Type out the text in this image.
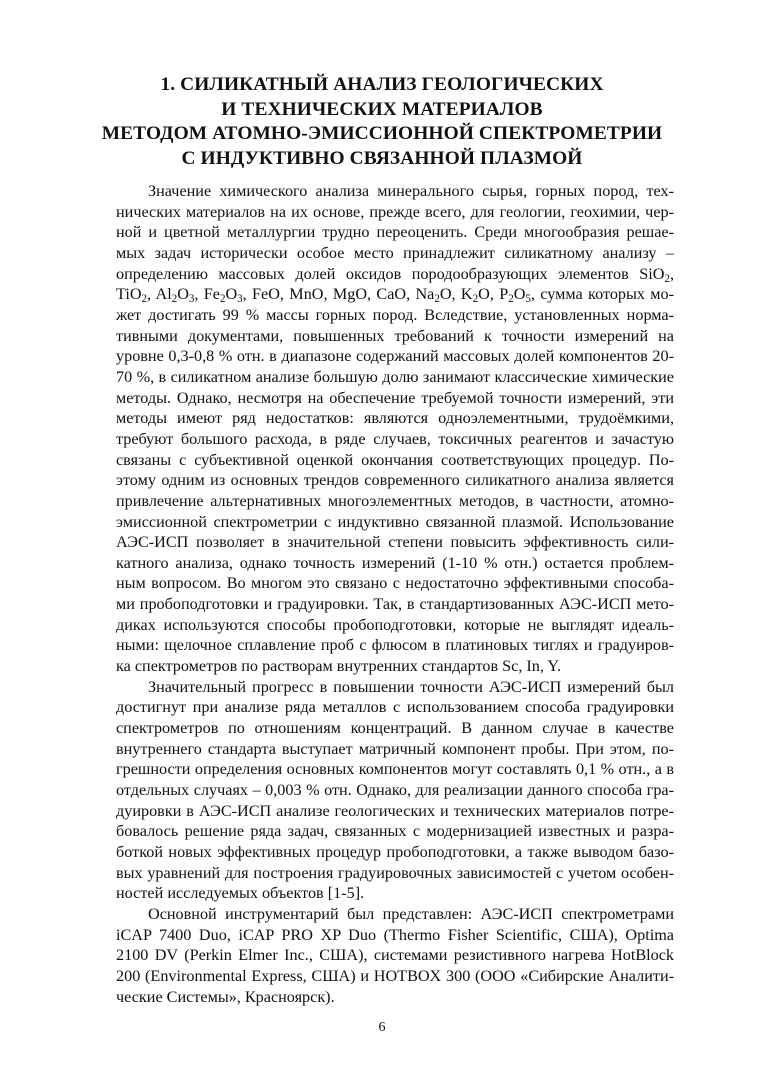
1. СИЛИКАТНЫЙ АНАЛИЗ ГЕОЛОГИЧЕСКИХ
И ТЕХНИЧЕСКИХ МАТЕРИАЛОВ
МЕТОДОМ АТОМНО-ЭМИССИОННОЙ СПЕКТРОМЕТРИИ
С ИНДУКТИВНО СВЯЗАННОЙ ПЛАЗМОЙ

Значение химического анализа минерального сырья, горных пород, тех-
нических материалов на их основе, прежде всего, для геологии, геохимии, чер-
ной и цветной металлургии трудно переоценить. Среди многообразия решае-
мых задач исторически особое место принадлежит силикатному анализу –
определению массовых долей оксидов породообразующих элементов SiO$_2$,
TiO$_2$, $Al_2O_3$, $Fe_2O_3$, FeO, MnO, MgO, CaO, $Na_2O$, $K_2O$, $P_2O_5$, сумма которых мо-
жет достигать 99 % массы горных пород. Вследствие, установленных норма-
тивными документами, повышенных требований к точности измерений на
уровне 0,3-0,8 % отн. в диапазоне содержаний массовых долей компонентов 20-
70 %, в силикатном анализе большую долю занимают классические химические
методы. Однако, несмотря на обеспечение требуемой точности измерений, эти
методы имеют ряд недостатков: являются одноэлементными, трудоёмкими,
требуют большого расхода, в ряде случаев, токсичных реагентов и зачастую
связаны с субъективной оценкой окончания соответствующих процедур. По-
этому одним из основных трендов современного силикатного анализа является
привлечение альтернативных многоэлементных методов, в частности, атомно-
эмиссионной спектрометрии с индуктивно связанной плазмой. Использование
АЭС-ИСП позволяет в значительной степени повысить эффективность сили-
катного анализа, однако точность измерений (1-10 % отн.) остается проблем-
ным вопросом. Во многом это связано с недостаточно эффективными способа-
ми пробоподготовки и градуировки. Так, в стандартизованных АЭС-ИСП мето-
диках используются способы пробоподготовки, которые не выглядят идеаль-
ными: щелочное сплавление проб с флюсом в платиновых тиглях и градуиров-
ка спектрометров по растворам внутренних стандартов Sc, In, Y.

Значительный прогресс в повышении точности АЭС-ИСП измерений был
достигнут при анализе ряда металлов с использованием способа градуировки
спектрометров по отношениям концентраций. В данном случае в качестве
внутреннего стандарта выступает матричный компонент пробы. При этом, по-
грешности определения основных компонентов могут составлять 0,1 % отн., а в
отдельных случаях – 0,003 % отн. Однако, для реализации данного способа гра-
дуировки в АЭС-ИСП анализе геологических и технических материалов потре-
бовалось решение ряда задач, связанных с модернизацией известных и разра-
боткой новых эффективных процедур пробоподготовки, а также выводом базо-
вых уравнений для построения градуировочных зависимостей с учетом особен-
ностей исследуемых объектов [1-5].

Основной инструментарий был представлен: АЭС-ИСП спектрометрами
iCAP 7400 Duo, iCAP PRO XP Duo (Thermo Fisher Scientific, США), Optima
2100 DV (Perkin Elmer Inc., США), системами резистивного нагрева HotBlock
200 (Environmental Express, США) и HOTBOX 300 (ООО «Сибирские Аналити-
ческие Системы», Красноярск).

6
